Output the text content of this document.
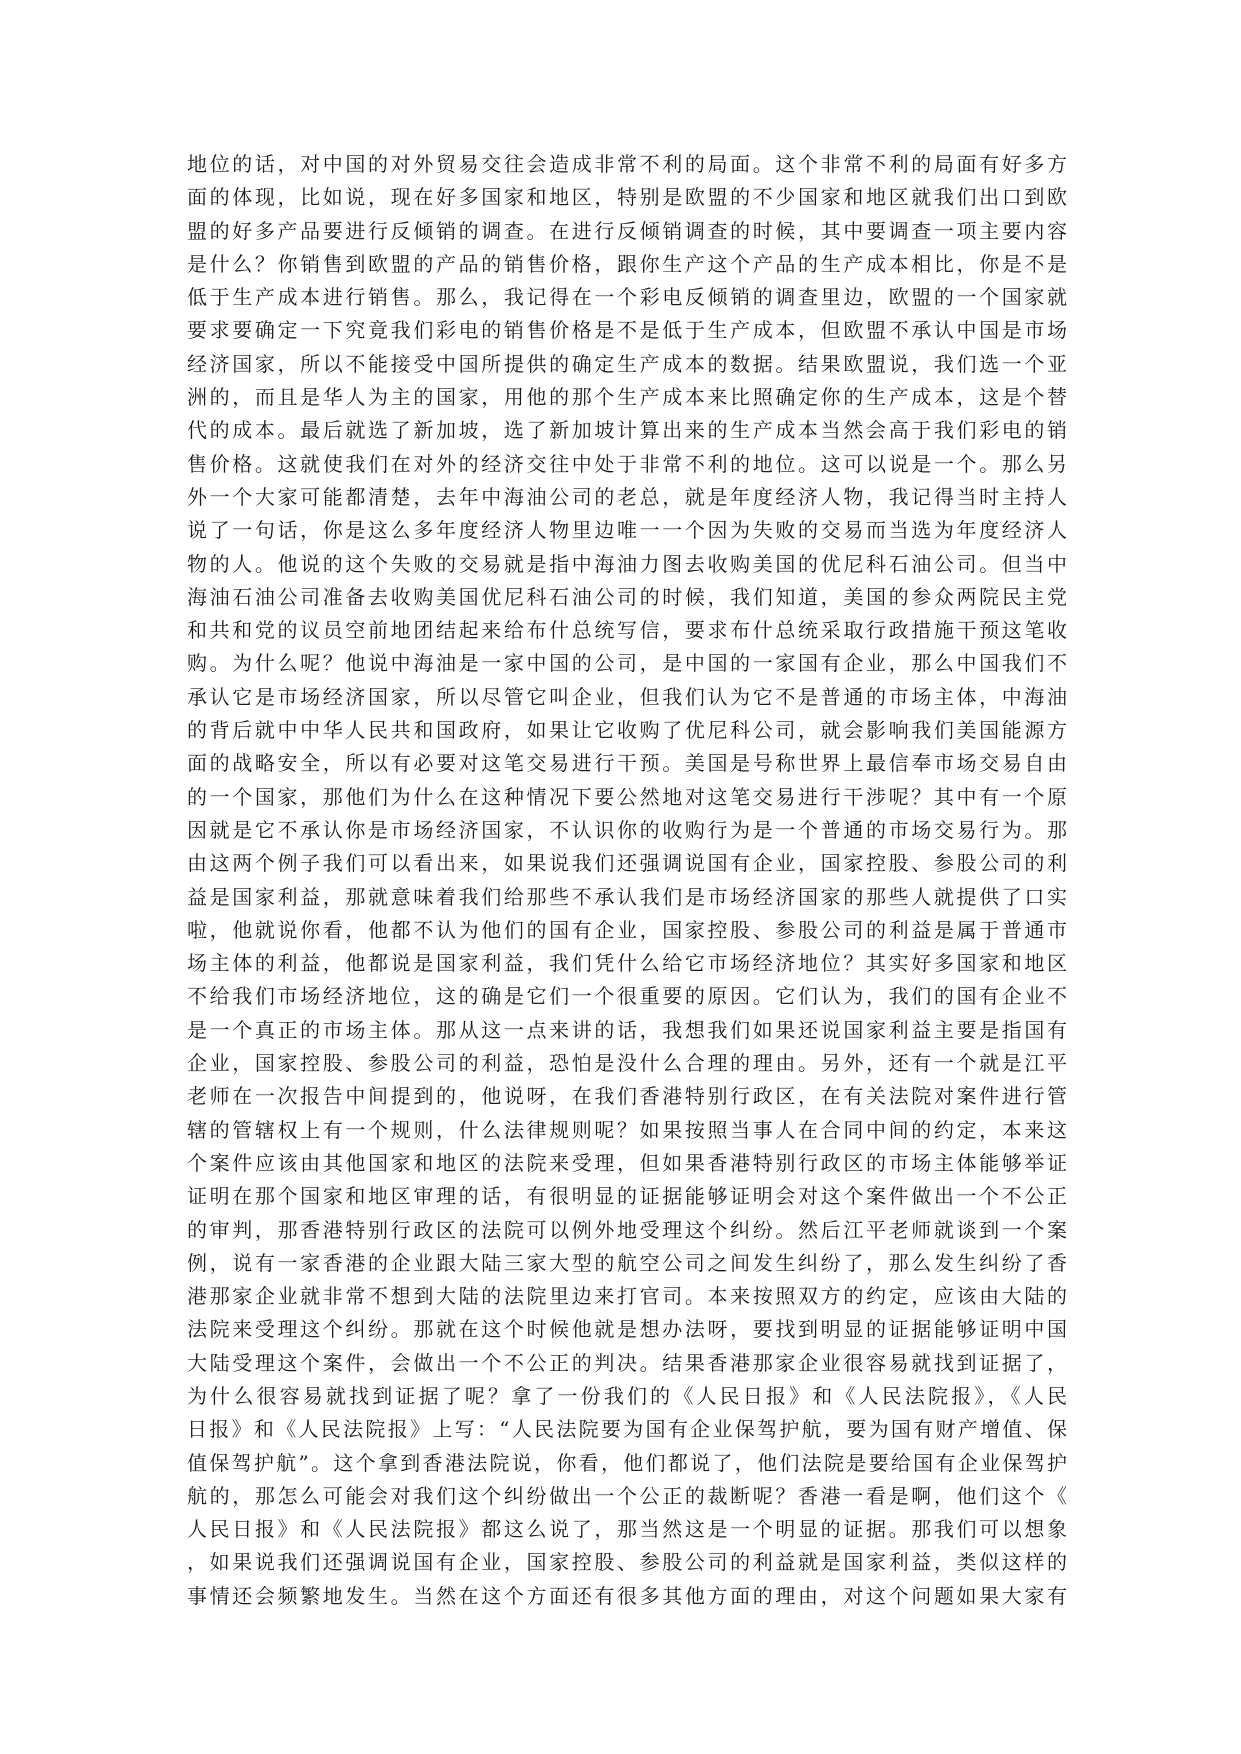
地位的话，对中国的对外贸易交往会造成非常不利的局面。这个非常不利的局面有好多方
面的体现，比如说，现在好多国家和地区，特别是欧盟的不少国家和地区就我们出口到欧
盟的好多产品要进行反倾销的调查。在进行反倾销调查的时候，其中要调查一项主要内容
是什么？你销售到欧盟的产品的销售价格，跟你生产这个产品的生产成本相比，你是不是
低于生产成本进行销售。那么，我记得在一个彩电反倾销的调查里边，欧盟的一个国家就
要求要确定一下究竟我们彩电的销售价格是不是低于生产成本，但欧盟不承认中国是市场
经济国家，所以不能接受中国所提供的确定生产成本的数据。结果欧盟说，我们选一个亚
洲的，而且是华人为主的国家，用他的那个生产成本来比照确定你的生产成本，这是个替
代的成本。最后就选了新加坡，选了新加坡计算出来的生产成本当然会高于我们彩电的销
售价格。这就使我们在对外的经济交往中处于非常不利的地位。这可以说是一个。那么另
外一个大家可能都清楚，去年中海油公司的老总，就是年度经济人物，我记得当时主持人
说了一句话，你是这么多年度经济人物里边唯一一个因为失败的交易而当选为年度经济人
物的人。他说的这个失败的交易就是指中海油力图去收购美国的优尼科石油公司。但当中
海油石油公司准备去收购美国优尼科石油公司的时候，我们知道，美国的参众两院民主党
和共和党的议员空前地团结起来给布什总统写信，要求布什总统采取行政措施干预这笔收
购。为什么呢？他说中海油是一家中国的公司，是中国的一家国有企业，那么中国我们不
承认它是市场经济国家，所以尽管它叫企业，但我们认为它不是普通的市场主体，中海油
的背后就中中华人民共和国政府，如果让它收购了优尼科公司，就会影响我们美国能源方
面的战略安全，所以有必要对这笔交易进行干预。美国是号称世界上最信奉市场交易自由
的一个国家，那他们为什么在这种情况下要公然地对这笔交易进行干涉呢？其中有一个原
因就是它不承认你是市场经济国家，不认识你的收购行为是一个普通的市场交易行为。那
由这两个例子我们可以看出来，如果说我们还强调说国有企业，国家控股、参股公司的利
益是国家利益，那就意味着我们给那些不承认我们是市场经济国家的那些人就提供了口实
啦，他就说你看，他都不认为他们的国有企业，国家控股、参股公司的利益是属于普通市
场主体的利益，他都说是国家利益，我们凭什么给它市场经济地位？其实好多国家和地区
不给我们市场经济地位，这的确是它们一个很重要的原因。它们认为，我们的国有企业不
是一个真正的市场主体。那从这一点来讲的话，我想我们如果还说国家利益主要是指国有
企业，国家控股、参股公司的利益，恐怕是没什么合理的理由。另外，还有一个就是江平
老师在一次报告中间提到的，他说呀，在我们香港特别行政区，在有关法院对案件进行管
辖的管辖权上有一个规则，什么法律规则呢？如果按照当事人在合同中间的约定，本来这
个案件应该由其他国家和地区的法院来受理，但如果香港特别行政区的市场主体能够举证
证明在那个国家和地区审理的话，有很明显的证据能够证明会对这个案件做出一个不公正
的审判，那香港特别行政区的法院可以例外地受理这个纠纷。然后江平老师就谈到一个案
例，说有一家香港的企业跟大陆三家大型的航空公司之间发生纠纷了，那么发生纠纷了香
港那家企业就非常不想到大陆的法院里边来打官司。本来按照双方的约定，应该由大陆的
法院来受理这个纠纷。那就在这个时候他就是想办法呀，要找到明显的证据能够证明中国
大陆受理这个案件，会做出一个不公正的判决。结果香港那家企业很容易就找到证据了，
为什么很容易就找到证据了呢？拿了一份我们的《人民日报》和《人民法院报》，《人民
日报》和《人民法院报》上写：“人民法院要为国有企业保驾护航，要为国有财产增值、保
值保驾护航”。这个拿到香港法院说，你看，他们都说了，他们法院是要给国有企业保驾护
航的，那怎么可能会对我们这个纠纷做出一个公正的裁断呢？香港一看是啊，他们这个《
人民日报》和《人民法院报》都这么说了，那当然这是一个明显的证据。那我们可以想象
，如果说我们还强调说国有企业，国家控股、参股公司的利益就是国家利益，类似这样的
事情还会频繁地发生。当然在这个方面还有很多其他方面的理由，对这个问题如果大家有
